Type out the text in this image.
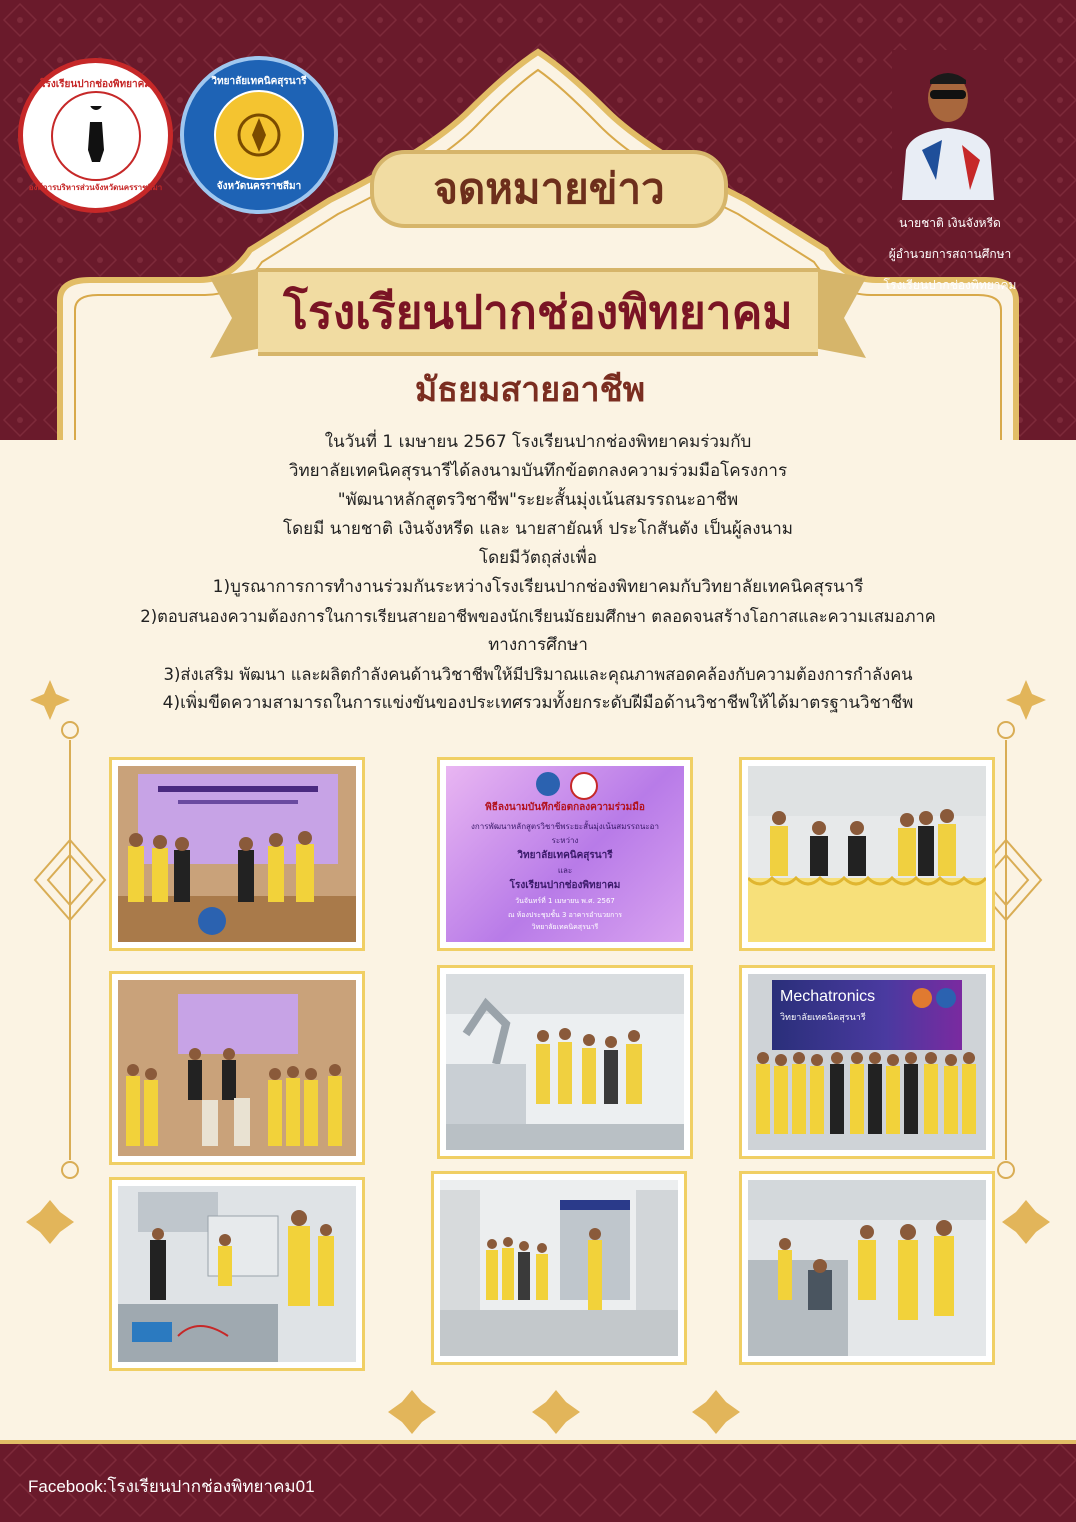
โรงเรียนปากช่องพิทยาคม
องค์การบริหารส่วนจังหวัดนครราชสีมา
วิทยาลัยเทคนิคสุรนารี
จังหวัดนครราชสีมา	จดหมายข่าว
โรงเรียนปากช่องพิทยาคม
มัธยมสายอาชีพ
นายชาติ เงินจังหรีด
ผู้อำนวยการสถานศึกษา
โรงเรียนปากช่องพิทยาคม
ในวันที่ 1 เมษายน 2567 โรงเรียนปากช่องพิทยาคมร่วมกับ
วิทยาลัยเทคนิคสุรนารีได้ลงนามบันทึกข้อตกลงความร่วมมือโครงการ
"พัฒนาหลักสูตรวิชาชีพ"ระยะสั้นมุ่งเน้นสมรรถนะอาชีพ
โดยมี นายชาติ เงินจังหรีด และ นายสายัณห์ ประโกสันตัง เป็นผู้ลงนาม
โดยมีวัตถุส่งเพื่อ
1)บูรณาการการทำงานร่วมกันระหว่างโรงเรียนปากช่องพิทยาคมกับวิทยาลัยเทคนิคสุรนารี
2)ตอบสนองความต้องการในการเรียนสายอาชีพของนักเรียนมัธยมศึกษา ตลอดจนสร้างโอกาสและความเสมอภาค
ทางการศึกษา
3)ส่งเสริม พัฒนา และผลิตกำลังคนด้านวิชาชีพให้มีปริมาณและคุณภาพสอดคล้องกับความต้องการกำลังคน
4)เพิ่มขีดความสามารถในการแข่งขันของประเทศรวมทั้งยกระดับฝีมือด้านวิชาชีพให้ได้มาตรฐานวิชาชีพ
พิธีลงนามบันทึกข้อตกลงความร่วมมือ
งการพัฒนาหลักสูตรวิชาชีพระยะสั้นมุ่งเน้นสมรรถนะอา
ระหว่าง
วิทยาลัยเทคนิคสุรนารี
และ
โรงเรียนปากช่องพิทยาคม
วันจันทร์ที่ 1 เมษายน พ.ศ. 2567
ณ ห้องประชุมชั้น 3 อาคารอำนวยการ
วิทยาลัยเทคนิคสุรนารี
Mechatronics
วิทยาลัยเทคนิคสุรนารี
Facebook:โรงเรียนปากช่องพิทยาคม01
